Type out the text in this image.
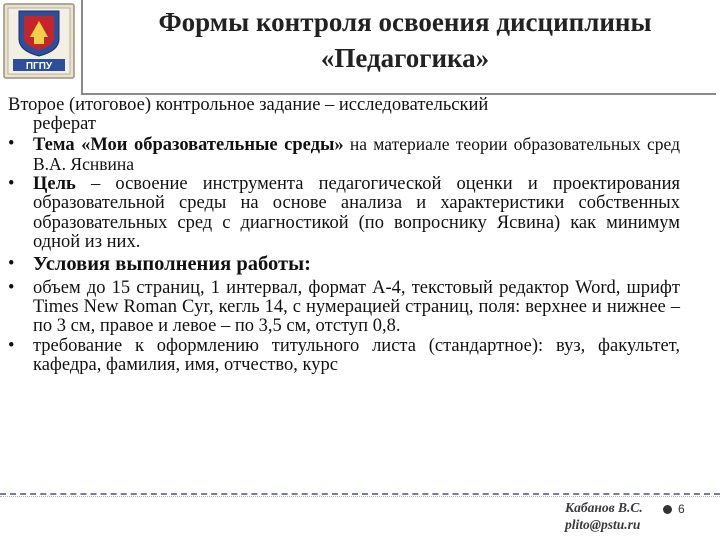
ПГПУ
Формы контроля освоения дисциплины
«Педагогика»
Второе (итоговое) контрольное задание – исследовательский
реферат
•	Тема «Мои образовательные среды» на материале теории образовательных сред В.А. Яснвина
•	Цель – освоение инструмента педагогической оценки и проектирования образовательной среды на основе анализа и характеристики собственных образовательных сред с диагностикой (по вопроснику Ясвина) как минимум одной из них.
• Условия выполнения работы:
•	объем до 15 страниц, 1 интервал, формат А-4, текстовый редактор Word, шрифт Times New Roman Cyr, кегль 14, с нумерацией страниц, поля: верхнее и нижнее – по 3 см, правое и левое – по 3,5 см, отступ 0,8.
•	требование к оформлению титульного листа (стандартное): вуз, факультет, кафедра, фамилия, имя, отчество, курс
Кабанов В.С.
plito@pstu.ru
6
